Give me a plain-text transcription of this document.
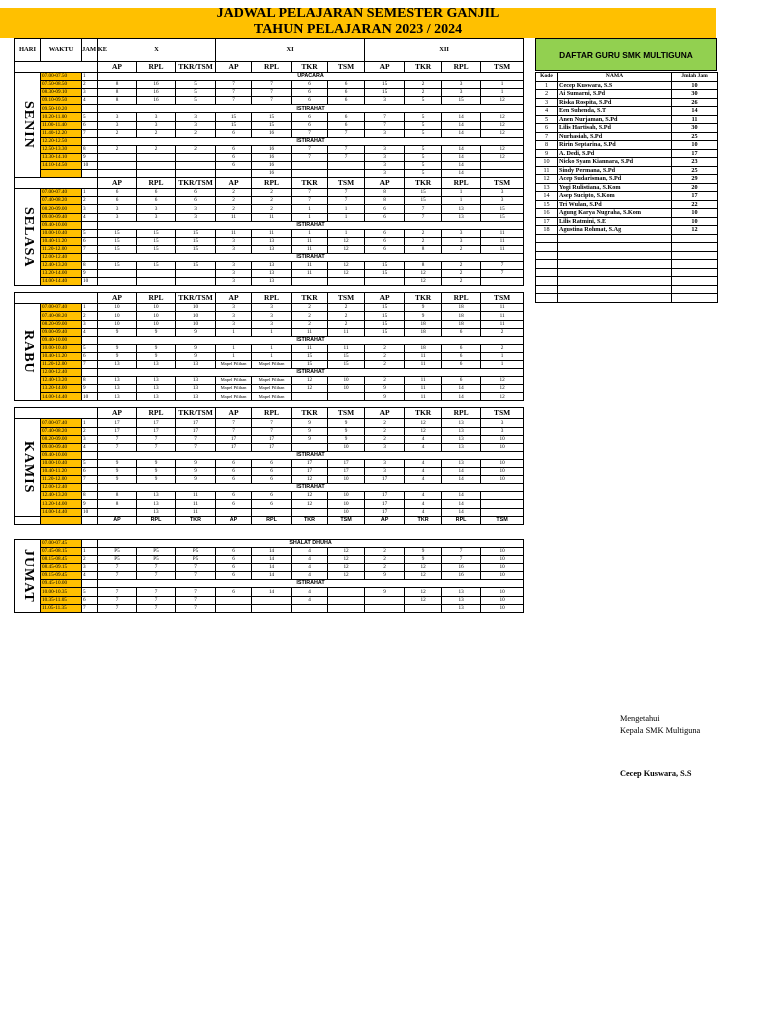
JADWAL PELAJARAN SEMESTER GANJIL
TAHUN PELAJARAN 2023 / 2024
HARI	WAKTU	JAM KE	X			XI				XII			
			AP	RPL	TKR/TSM	AP	RPL	TKR	TSM	AP	TKR	RPL	TSM
SENIN	07.00-07.50	1	UPACARA										
	07.50-08.50	2	8	16	5	7	7	6	6	15	2	3	1
	08.30-09.10	3	8	16	5	7	7	6	6	15	2	3	1
	09.10-09.50	4	8	16	5	7	7	6	6	3	5	15	12
	09.50-10.20		ISTIRAHAT										
	10.20-11.00	5	3	3	3	15	15	6	6	7	5	14	12
	11.00-11.40	6	3	3	3	15	15	6	6	7	5	14	12
	11.40-12.20	7	2	2	2	6	16	7	7	3	5	14	12
	12.20-12.50		ISTIRAHAT										
	12.50-13.30	8	2	2	2	6	16	7	7	3	5	14	12
	13.30-14.10	9				6	16	7	7	3	5	14	12
	14.10-14.50	10				6	16			3	5	14	
							16			3	5	14	
			AP	RPL	TKR/TSM	AP	RPL	TKR	TSM	AP	TKR	RPL	TSM
SELASA	07.00-07.40	1	6	6	6	2	2	7	7	8	15	1	3
	07.40-08.20	2	6	6	6	2	2	7	7	8	15	1	3
	08.20-09.00	3	3	3	3	2	2	1	1	6	7	13	15
	09.00-09.40	4	3	3	3	11	11	1	1	6	7	13	15
	09.40-10.00		ISTIRAHAT										
	10.00-10.40	5	15	15	15	11	11	1	1	6	2	3	11
	10.40-11.20	6	15	15	15	3	13	11	12	6	2	3	11
	11.20-12.00	7	15	15	15	3	13	11	12	6	8	2	11
	12.00-12.40		ISTIRAHAT										
	12.40-13.20	8	15	15	15	3	13	11	12	15	8	2	7
	13.20-14.00	9				3	13	11	12	15	12	2	7
	14.00-14.40	10				3	13				12	2	

			AP	RPL	TKR/TSM	AP	RPL	TKR	TSM	AP	TKR	RPL	TSM
RABU	07.00-07.40	1	10	10	10	3	3	2	2	15	9	18	11
	07.40-08.20	2	10	10	10	3	3	2	2	15	9	18	11
	08.20-09.00	3	10	10	10	3	3	2	2	15	18	18	11
	09.00-09.40	4	9	9	9	1	1	11	11	15	18	6	2
	09.40-10.00		ISTIRAHAT										
	10.00-10.40	5	9	9	9	1	1	11	11	2	18	6	2
	10.40-11.20	6	9	9	9	1	1	15	15	2	11	6	1
	11.20-12.00	7	13	13	13	Mapel Pilihan	Mapel Pilihan	15	15	2	11	6	1
	12.00-12.40		ISTIRAHAT										
	12.40-13.20	8	13	13	13	Mapel Pilihan	Mapel Pilihan	12	10	2	11	6	12
	13.20-14.00	9	13	13	13	Mapel Pilihan	Mapel Pilihan	12	10	9	11	14	12
	14.00-14.40	10	13	13	13	Mapel Pilihan	Mapel Pilihan			9	11	14	12

			AP	RPL	TKR/TSM	AP	RPL	TKR	TSM	AP	TKR	RPL	TSM
KAMIS	07.00-07.40	1	17	17	17	7	7	9	9	2	12	13	3
	07.40-08.20	2	17	17	17	7	7	9	9	2	12	13	3
	08.20-09.00	3	7	7	7	17	17	9	9	2	4	13	10
	09.00-09.40	4	7	7	7	17	17		10	3	4	13	10
	09.40-10.00		ISTIRAHAT										
	10.00-10.40	5	9	9	9	6	6	17	17	3	4	13	10
	10.40-11.20	6	9	9	9	6	6	17	17	3	4	14	10
	11.20-12.00	7	9	9	9	6	6	12	10	17	4	14	10
	12.00-12.40		ISTIRAHAT										
	12.40-13.20	8	8	13	11	6	6	12	10	17	4	14	
	13.20-14.00	9	8	13	11	6	6	12	10	17	4	14	
	14.00-14.40	10		13	11				10	17	4	14	
			AP	RPL	TKR	AP	RPL	TKR	TSM	AP	TKR	RPL	TSM

JUMAT	07.00-07.45		SHALAT DHUHA										
	07.45-08.15	1	P5	P5	P5	6	14	4	12	2	9	7	10
	08.15-08.45	2	P5	P5	P5	6	14	4	12	2	9	7	10
	08.45-09.15	3	7	7	7	6	14	4	12	2	12	16	10
	09.15-09.45	4	7	7	7	6	14	4	12	9	12	16	10
	09.45-10.00		ISTIRAHAT										
	10.00-10.35	5	7	7	7	6	14	4		9	12	13	10
	10.35-11.05	6	7	7	7			4			12	13	10
	11.05-11.35	7	7	7	7							13	10
DAFTAR GURU SMK MULTIGUNA
Kode	NAMA	Jmlah Jam
1	Cecep Kuswara, S.S	10
2	Ai Sumarni, S.Pd	30
3	Riska Rospita, S.Pd	26
4	Een Suhenda, S.T	14
5	Anen Nurjaman, S.Pd	11
6	Lilis Hartisah, S.Pd	30
7	Nurhasiah, S.Pd	25
8	Ririn Septarina, S.Pd	10
9	A. Dedi, S.Pd	17
10	Nicko Syam Kiannara, S.Pd	23
11	Sindy Permana, S.Pd	25
12	Acep Sudarisman, S.Pd	29
13	Yogi Rulistiana, S.Kom	20
14	Asep Sucipto, S.Kom	17
15	Tri Wulan, S.Pd	22
16	Agung Karya Nugraha, S.Kom	10
17	Lilis Ratmini, S.E	10
18	Agustina Rohmat, S.Ag	12

Mengetahui
Kepala SMK Multiguna
Cecep Kuswara, S.S
